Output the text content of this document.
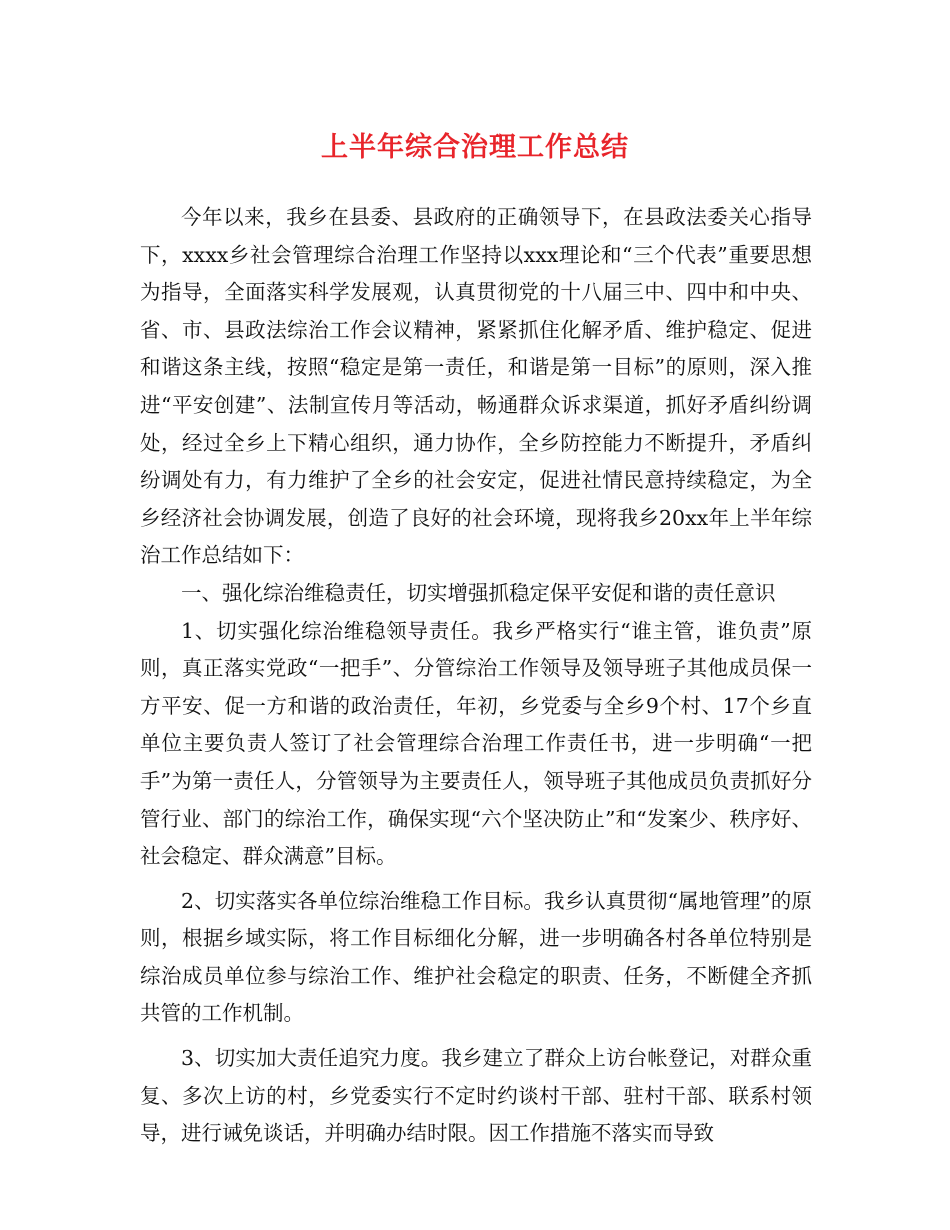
上半年综合治理工作总结

今年以来，我乡在县委、县政府的正确领导下，在县政法委关心指导下，xxxx乡社会管理综合治理工作坚持以xxx理论和“三个代表”重要思想为指导，全面落实科学发展观，认真贯彻党的十八届三中、四中和中央、省、市、县政法综治工作会议精神，紧紧抓住化解矛盾、维护稳定、促进和谐这条主线，按照“稳定是第一责任，和谐是第一目标”的原则，深入推进“平安创建”、法制宣传月等活动，畅通群众诉求渠道，抓好矛盾纠纷调处，经过全乡上下精心组织，通力协作，全乡防控能力不断提升，矛盾纠纷调处有力，有力维护了全乡的社会安定，促进社情民意持续稳定，为全乡经济社会协调发展，创造了良好的社会环境，现将我乡20xx年上半年综治工作总结如下：

一、强化综治维稳责任，切实增强抓稳定保平安促和谐的责任意识

1、切实强化综治维稳领导责任。我乡严格实行“谁主管，谁负责”原则，真正落实党政“一把手”、分管综治工作领导及领导班子其他成员保一方平安、促一方和谐的政治责任，年初，乡党委与全乡9个村、17个乡直单位主要负责人签订了社会管理综合治理工作责任书，进一步明确“一把手”为第一责任人，分管领导为主要责任人，领导班子其他成员负责抓好分管行业、部门的综治工作，确保实现“六个坚决防止”和“发案少、秩序好、社会稳定、群众满意”目标。

2、切实落实各单位综治维稳工作目标。我乡认真贯彻“属地管理”的原则，根据乡域实际，将工作目标细化分解，进一步明确各村各单位特别是综治成员单位参与综治工作、维护社会稳定的职责、任务，不断健全齐抓共管的工作机制。

3、切实加大责任追究力度。我乡建立了群众上访台帐登记，对群众重复、多次上访的村，乡党委实行不定时约谈村干部、驻村干部、联系村领导，进行诫免谈话，并明确办结时限。因工作措施不落实而导致
